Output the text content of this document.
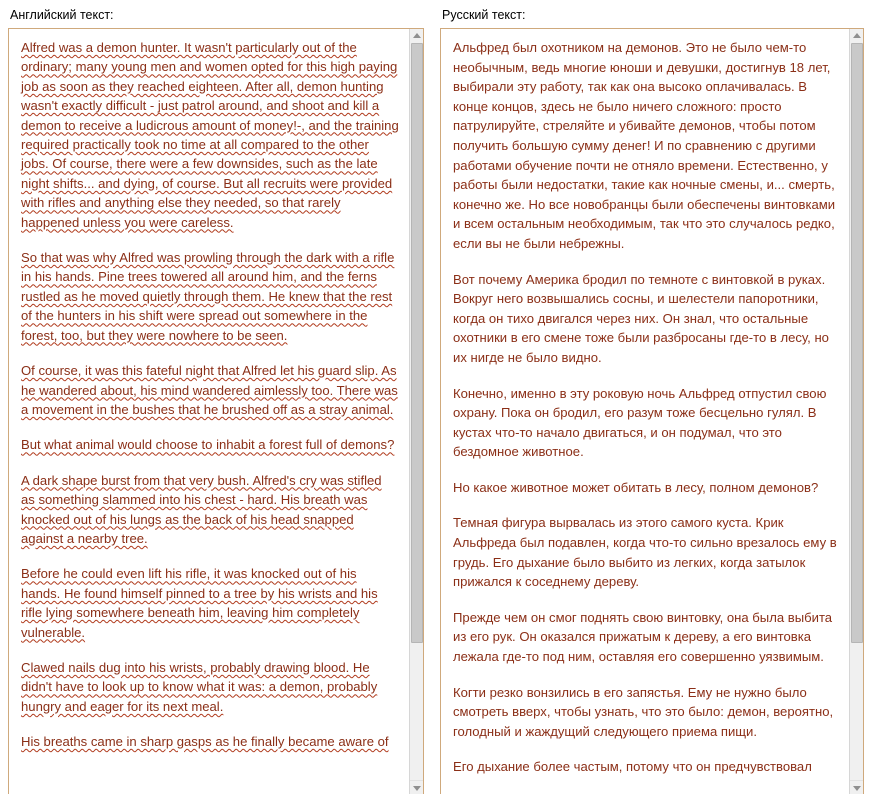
Английский текст:

Alfred was a demon hunter. It wasn't particularly out of the ordinary; many young men and women opted for this high paying job as soon as they reached eighteen. After all, demon hunting wasn't exactly difficult - just patrol around, and shoot and kill a demon to receive a ludicrous amount of money!-, and the training required practically took no time at all compared to the other jobs. Of course, there were a few downsides, such as the late night shifts... and dying, of course. But all recruits were provided with rifles and anything else they needed, so that rarely happened unless you were careless.

So that was why Alfred was prowling through the dark with a rifle in his hands. Pine trees towered all around him, and the ferns rustled as he moved quietly through them. He knew that the rest of the hunters in his shift were spread out somewhere in the forest, too, but they were nowhere to be seen.

Of course, it was this fateful night that Alfred let his guard slip. As he wandered about, his mind wandered aimlessly too. There was a movement in the bushes that he brushed off as a stray animal.

But what animal would choose to inhabit a forest full of demons?

A dark shape burst from that very bush. Alfred's cry was stifled as something slammed into his chest - hard. His breath was knocked out of his lungs as the back of his head snapped against a nearby tree.

Before he could even lift his rifle, it was knocked out of his hands. He found himself pinned to a tree by his wrists and his rifle lying somewhere beneath him, leaving him completely vulnerable.

Clawed nails dug into his wrists, probably drawing blood. He didn't have to look up to know what it was: a demon, probably hungry and eager for its next meal.

His breaths came in sharp gasps as he finally became aware of

Русский текст:

Альфред был охотником на демонов. Это не было чем-то необычным, ведь многие юноши и девушки, достигнув 18 лет, выбирали эту работу, так как она высоко оплачивалась. В конце концов, здесь не было ничего сложного: просто патрулируйте, стреляйте и убивайте демонов, чтобы потом получить большую сумму денег! И по сравнению с другими работами обучение почти не отняло времени. Естественно, у работы были недостатки, такие как ночные смены, и... смерть, конечно же. Но все новобранцы были обеспечены винтовками и всем остальным необходимым, так что это случалось редко, если вы не были небрежны.

Вот почему Америка бродил по темноте с винтовкой в руках. Вокруг него возвышались сосны, и шелестели папоротники, когда он тихо двигался через них. Он знал, что остальные охотники в его смене тоже были разбросаны где-то в лесу, но их нигде не было видно.

Конечно, именно в эту роковую ночь Альфред отпустил свою охрану. Пока он бродил, его разум тоже бесцельно гулял. В кустах что-то начало двигаться, и он подумал, что это бездомное животное.

Но какое животное может обитать в лесу, полном демонов?

Темная фигура вырвалась из этого самого куста. Крик Альфреда был подавлен, когда что-то сильно врезалось ему в грудь. Его дыхание было выбито из легких, когда затылок прижался к соседнему дереву.

Прежде чем он смог поднять свою винтовку, она была выбита из его рук. Он оказался прижатым к дереву, а его винтовка лежала где-то под ним, оставляя его совершенно уязвимым.

Когти резко вонзились в его запястья. Ему не нужно было смотреть вверх, чтобы узнать, что это было: демон, вероятно, голодный и жаждущий следующего приема пищи.

Его дыхание более частым, потому что он предчувствовал
